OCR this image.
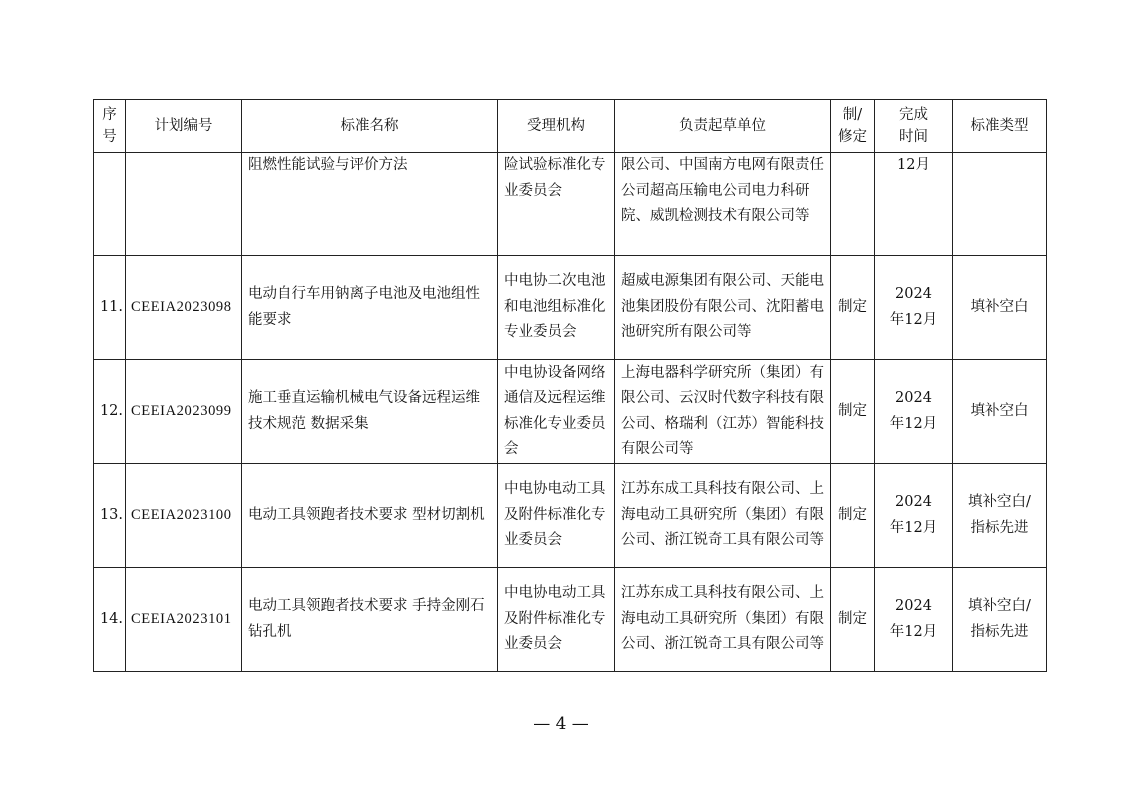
序号	计划编号	标准名称	受理机构	负责起草单位	制/修定	完成时间	标准类型
		阻燃性能试验与评价方法	险试验标准化专业委员会	限公司、中国南方电网有限责任公司超高压输电公司电力科研院、威凯检测技术有限公司等		12月	
11.	CEEIA2023098	电动自行车用钠离子电池及电池组性能要求	中电协二次电池和电池组标准化专业委员会	超威电源集团有限公司、天能电池集团股份有限公司、沈阳蓄电池研究所有限公司等	制定	2024年12月	填补空白
12.	CEEIA2023099	施工垂直运输机械电气设备远程运维技术规范 数据采集	中电协设备网络通信及远程运维标准化专业委员会	上海电器科学研究所（集团）有限公司、云汉时代数字科技有限公司、格瑞利（江苏）智能科技有限公司等	制定	2024年12月	填补空白
13.	CEEIA2023100	电动工具领跑者技术要求 型材切割机	中电协电动工具及附件标准化专业委员会	江苏东成工具科技有限公司、上海电动工具研究所（集团）有限公司、浙江锐奇工具有限公司等	制定	2024年12月	填补空白/指标先进
14.	CEEIA2023101	电动工具领跑者技术要求 手持金刚石钻孔机	中电协电动工具及附件标准化专业委员会	江苏东成工具科技有限公司、上海电动工具研究所（集团）有限公司、浙江锐奇工具有限公司等	制定	2024年12月	填补空白/指标先进
— 4 —
